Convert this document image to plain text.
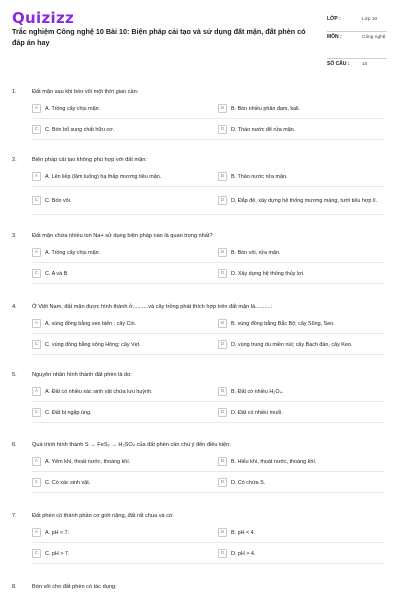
Quizizz
Trắc nghiệm Công nghệ 10 Bài 10: Biện pháp cải tạo và sử dụng đất mặn, đất phèn có đáp án hay
LỚP :	Lớp 10
MÔN :	Công nghệ
SỐ CÂU :	10
1.	Đất mặn sau khi bón vôi một thời gian cần:
A	A. Trồng cây chịu mặn.	B	B. Bón nhiều phân đạm, kali.
C	C. Bón bổ sung chất hữu cơ.	D	D. Tháo nước để rửa mặn.
2.	Biện pháp cải tạo không phù hợp với đất mặn:
A	A. Lên liếp (lâm luống) hạ thấp mương tiêu mặn.	B	B. Tháo nước rửa mặn.
C	C. Bón vôi.	D	D. Đắp đê, xây dựng hệ thống mương máng, tưới tiêu hợp lí.
3.	Đất mặn chứa nhiều ion Na+ sử dụng biện pháp nào là quan trọng nhất?
A	A. Trồng cây chịu mặn.	B	B. Bón vôi, rửa mặn.
C	C. A và B	D	D. Xây dựng hệ thống thủy lợi.
4.	Ở Việt Nam, đất mặn được hình thành ở..........và cây trồng phát thích hợp trên đất mặn là..........:
A	A. vùng đồng bằng ven biển ; cây Cói.	B	B. vùng đồng bằng Bắc Bộ; cây Sũng, Sen.
C	C. vùng đồng bằng sông Hồng; cây Vẹt.	D	D. vùng trung du miền núi; cây Bạch đàn, cây Keo.
5.	Nguyên nhân hình thành đất phèn là do:
A	A. Đất có nhiều xác sinh vật chứa lưu huỳnh.	B	B. Đất có nhiều H₂O₄.
C	C. Đất bị ngập úng.	D	D. Đất có nhiều muối.
6.	Quá trình hình thành S → FeS₂ → H₂SO₄ của đất phèn cần chú ý đến điều kiện:
A	A. Yếm khí, thoát nước, thoáng khí.	B	B. Hiếu khí, thoát nước, thoáng khí.
C	C. Có xác sinh vật.	D	D. Có chứa S.
7.	Đất phèn có thành phần cơ giới nặng, đất rất chua và có:
A	A. pH < 7.	B	B. pH < 4.
C	C. pH > 7.	D	D. pH > 4.
8.	Bón vôi cho đất phèn có tác dụng:
